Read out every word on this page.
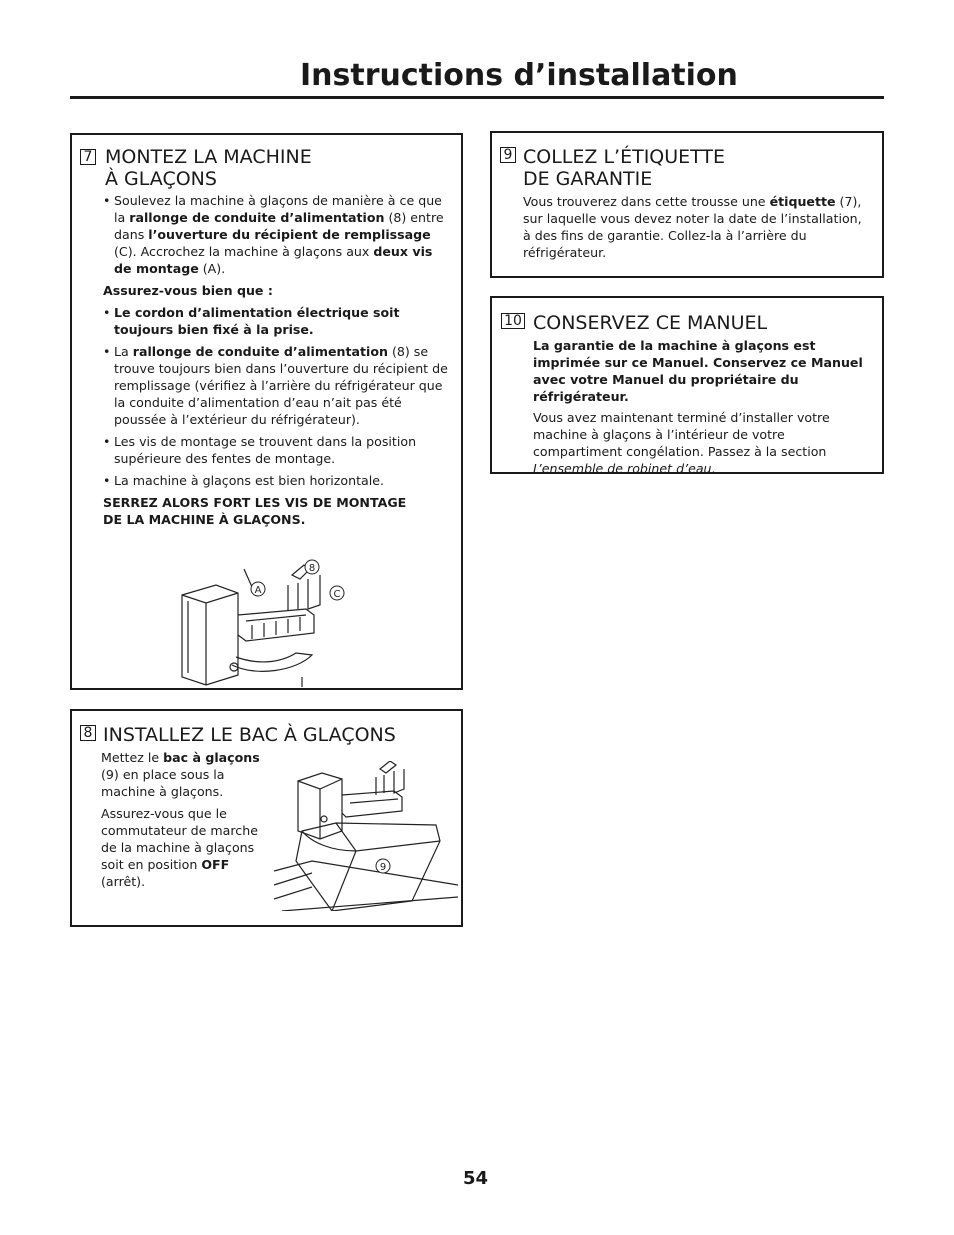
Instructions d’installation
7 MONTEZ LA MACHINE
À GLAÇONS

• Soulevez la machine à glaçons de manière à ce que la rallonge de conduite d’alimentation (8) entre dans l’ouverture du récipient de remplissage (C). Accrochez la machine à glaçons aux deux vis de montage (A).

Assurez-vous bien que :

• Le cordon d’alimentation électrique soit toujours bien fixé à la prise.

• La rallonge de conduite d’alimentation (8) se trouve toujours bien dans l’ouverture du récipient de remplissage (vérifiez à l’arrière du réfrigérateur que la conduite d’alimentation d’eau n’ait pas été poussée à l’extérieur du réfrigérateur).

• Les vis de montage se trouvent dans la position supérieure des fentes de montage.

• La machine à glaçons est bien horizontale.

SERREZ ALORS FORT LES VIS DE MONTAGE
DE LA MACHINE À GLAÇONS.

8
A	C
8 INSTALLEZ LE BAC À GLAÇONS

Mettez le bac à glaçons (9) en place sous la machine à glaçons.

Assurez-vous que le commutateur de marche de la machine à glaçons soit en position OFF (arrêt).

9
9 COLLEZ L’ÉTIQUETTE
DE GARANTIE

Vous trouverez dans cette trousse une étiquette (7), sur laquelle vous devez noter la date de l’installation, à des fins de garantie. Collez-la à l’arrière du réfrigérateur.

10 CONSERVEZ CE MANUEL

La garantie de la machine à glaçons est imprimée sur ce Manuel. Conservez ce Manuel avec votre Manuel du propriétaire du réfrigérateur.

Vous avez maintenant terminé d’installer votre machine à glaçons à l’intérieur de votre compartiment congélation. Passez à la section L’ensemble de robinet d’eau.

54
